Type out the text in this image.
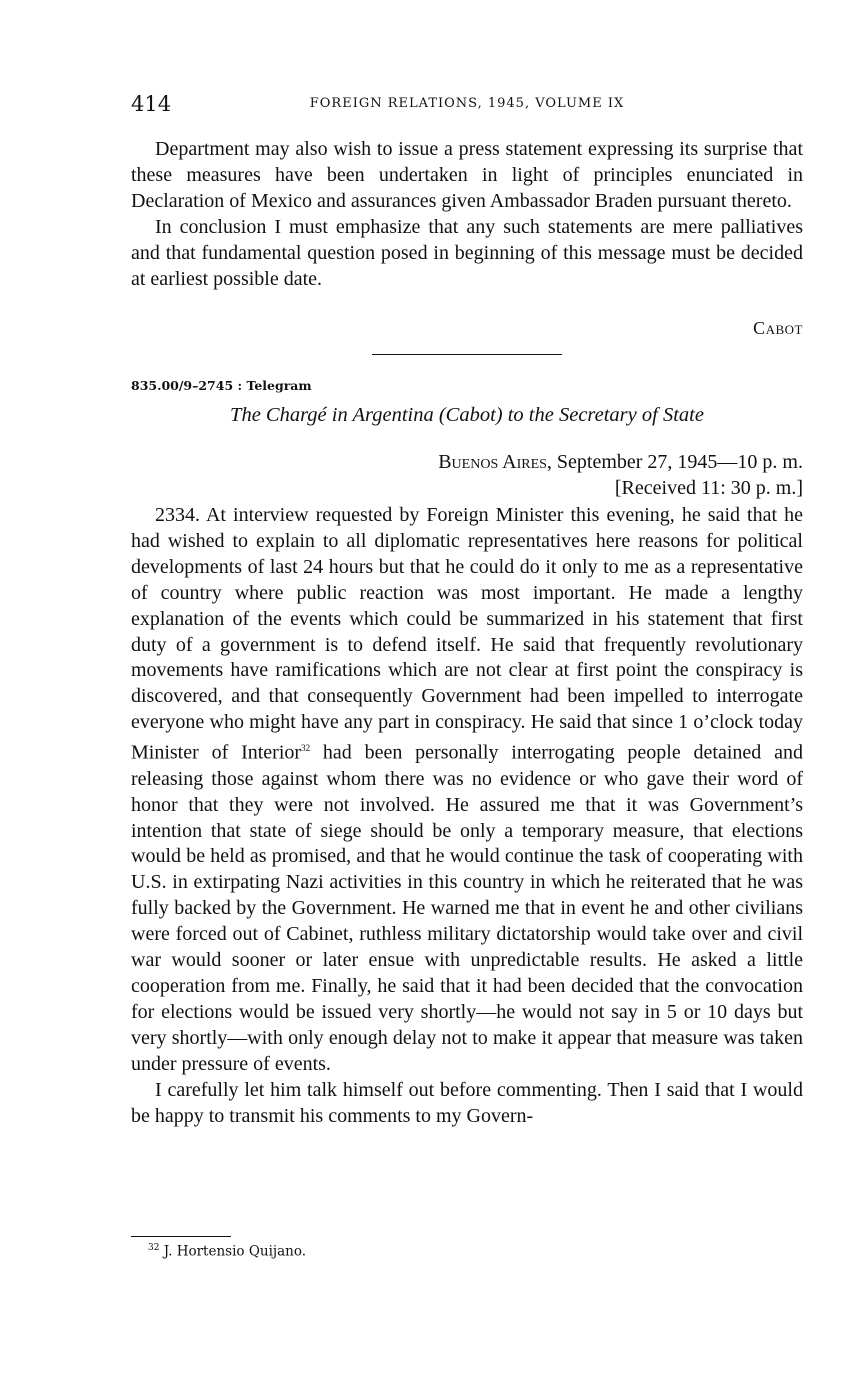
414	FOREIGN RELATIONS, 1945, VOLUME IX

Department may also wish to issue a press statement expressing its surprise that these measures have been undertaken in light of principles enunciated in Declaration of Mexico and assurances given Ambassador Braden pursuant thereto.

In conclusion I must emphasize that any such statements are mere palliatives and that fundamental question posed in beginning of this message must be decided at earliest possible date.

Cabot
835.00/9–2745 : Telegram
The Chargé in Argentina (Cabot) to the Secretary of State
Buenos Aires, September 27, 1945—10 p. m.
[Received 11: 30 p. m.]

2334. At interview requested by Foreign Minister this evening, he said that he had wished to explain to all diplomatic representatives here reasons for political developments of last 24 hours but that he could do it only to me as a representative of country where public reaction was most important. He made a lengthy explanation of the events which could be summarized in his statement that first duty of a government is to defend itself. He said that frequently revolutionary movements have ramifications which are not clear at first point the conspiracy is discovered, and that consequently Government had been impelled to interrogate everyone who might have any part in conspiracy. He said that since 1 o’clock today Minister of Interior$^{32}$ had been personally interrogating people detained and releasing those against whom there was no evidence or who gave their word of honor that they were not involved. He assured me that it was Government’s intention that state of siege should be only a temporary measure, that elections would be held as promised, and that he would continue the task of cooperating with U.S. in extirpating Nazi activities in this country in which he reiterated that he was fully backed by the Government. He warned me that in event he and other civilians were forced out of Cabinet, ruthless military dictatorship would take over and civil war would sooner or later ensue with unpredictable results. He asked a little cooperation from me. Finally, he said that it had been decided that the convocation for elections would be issued very shortly—he would not say in 5 or 10 days but very shortly—with only enough delay not to make it appear that measure was taken under pressure of events.

I carefully let him talk himself out before commenting. Then I said that I would be happy to transmit his comments to my Govern-

$^{32}$ J. Hortensio Quijano.
